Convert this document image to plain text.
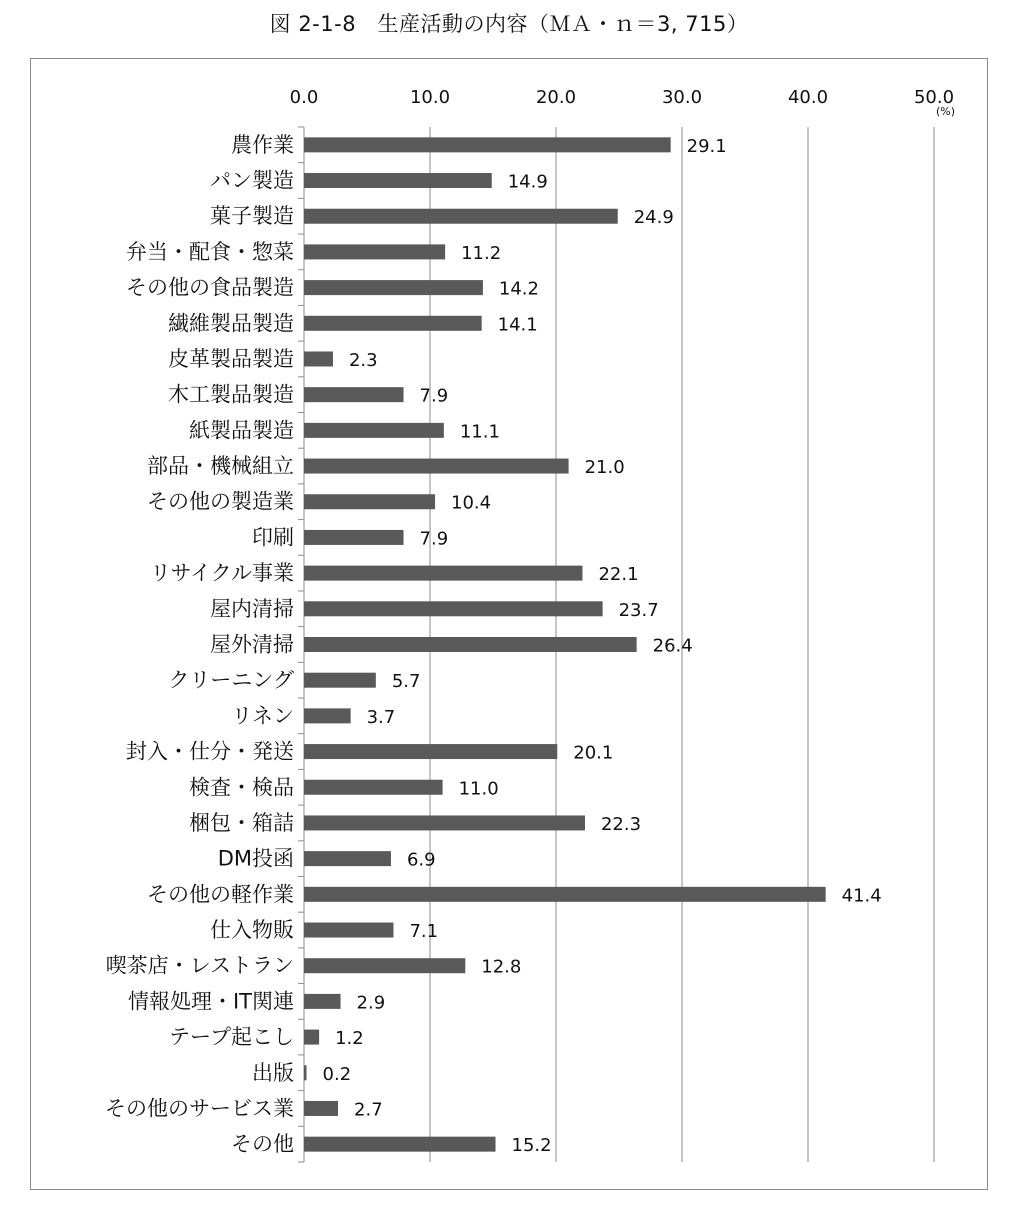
図 2-1-8　生産活動の内容（ＭＡ・ｎ＝3, 715）
0.0	10.0	20.0	30.0	40.0	50.0
(%)
農作業	29.1
パン製造	14.9
菓子製造	24.9
弁当・配食・惣菜	11.2
その他の食品製造	14.2
繊維製品製造	14.1
皮革製品製造	2.3
木工製品製造	7.9
紙製品製造	11.1
部品・機械組立	21.0
その他の製造業	10.4
印刷	7.9
リサイクル事業	22.1
屋内清掃	23.7
屋外清掃	26.4
クリーニング	5.7
リネン	3.7
封入・仕分・発送	20.1
検査・検品	11.0
梱包・箱詰	22.3
DM投函	6.9
その他の軽作業	41.4
仕入物販	7.1
喫茶店・レストラン	12.8
情報処理・IT関連	2.9
テープ起こし 1.2
出版 0.2
その他のサービス業	2.7
その他	15.2
